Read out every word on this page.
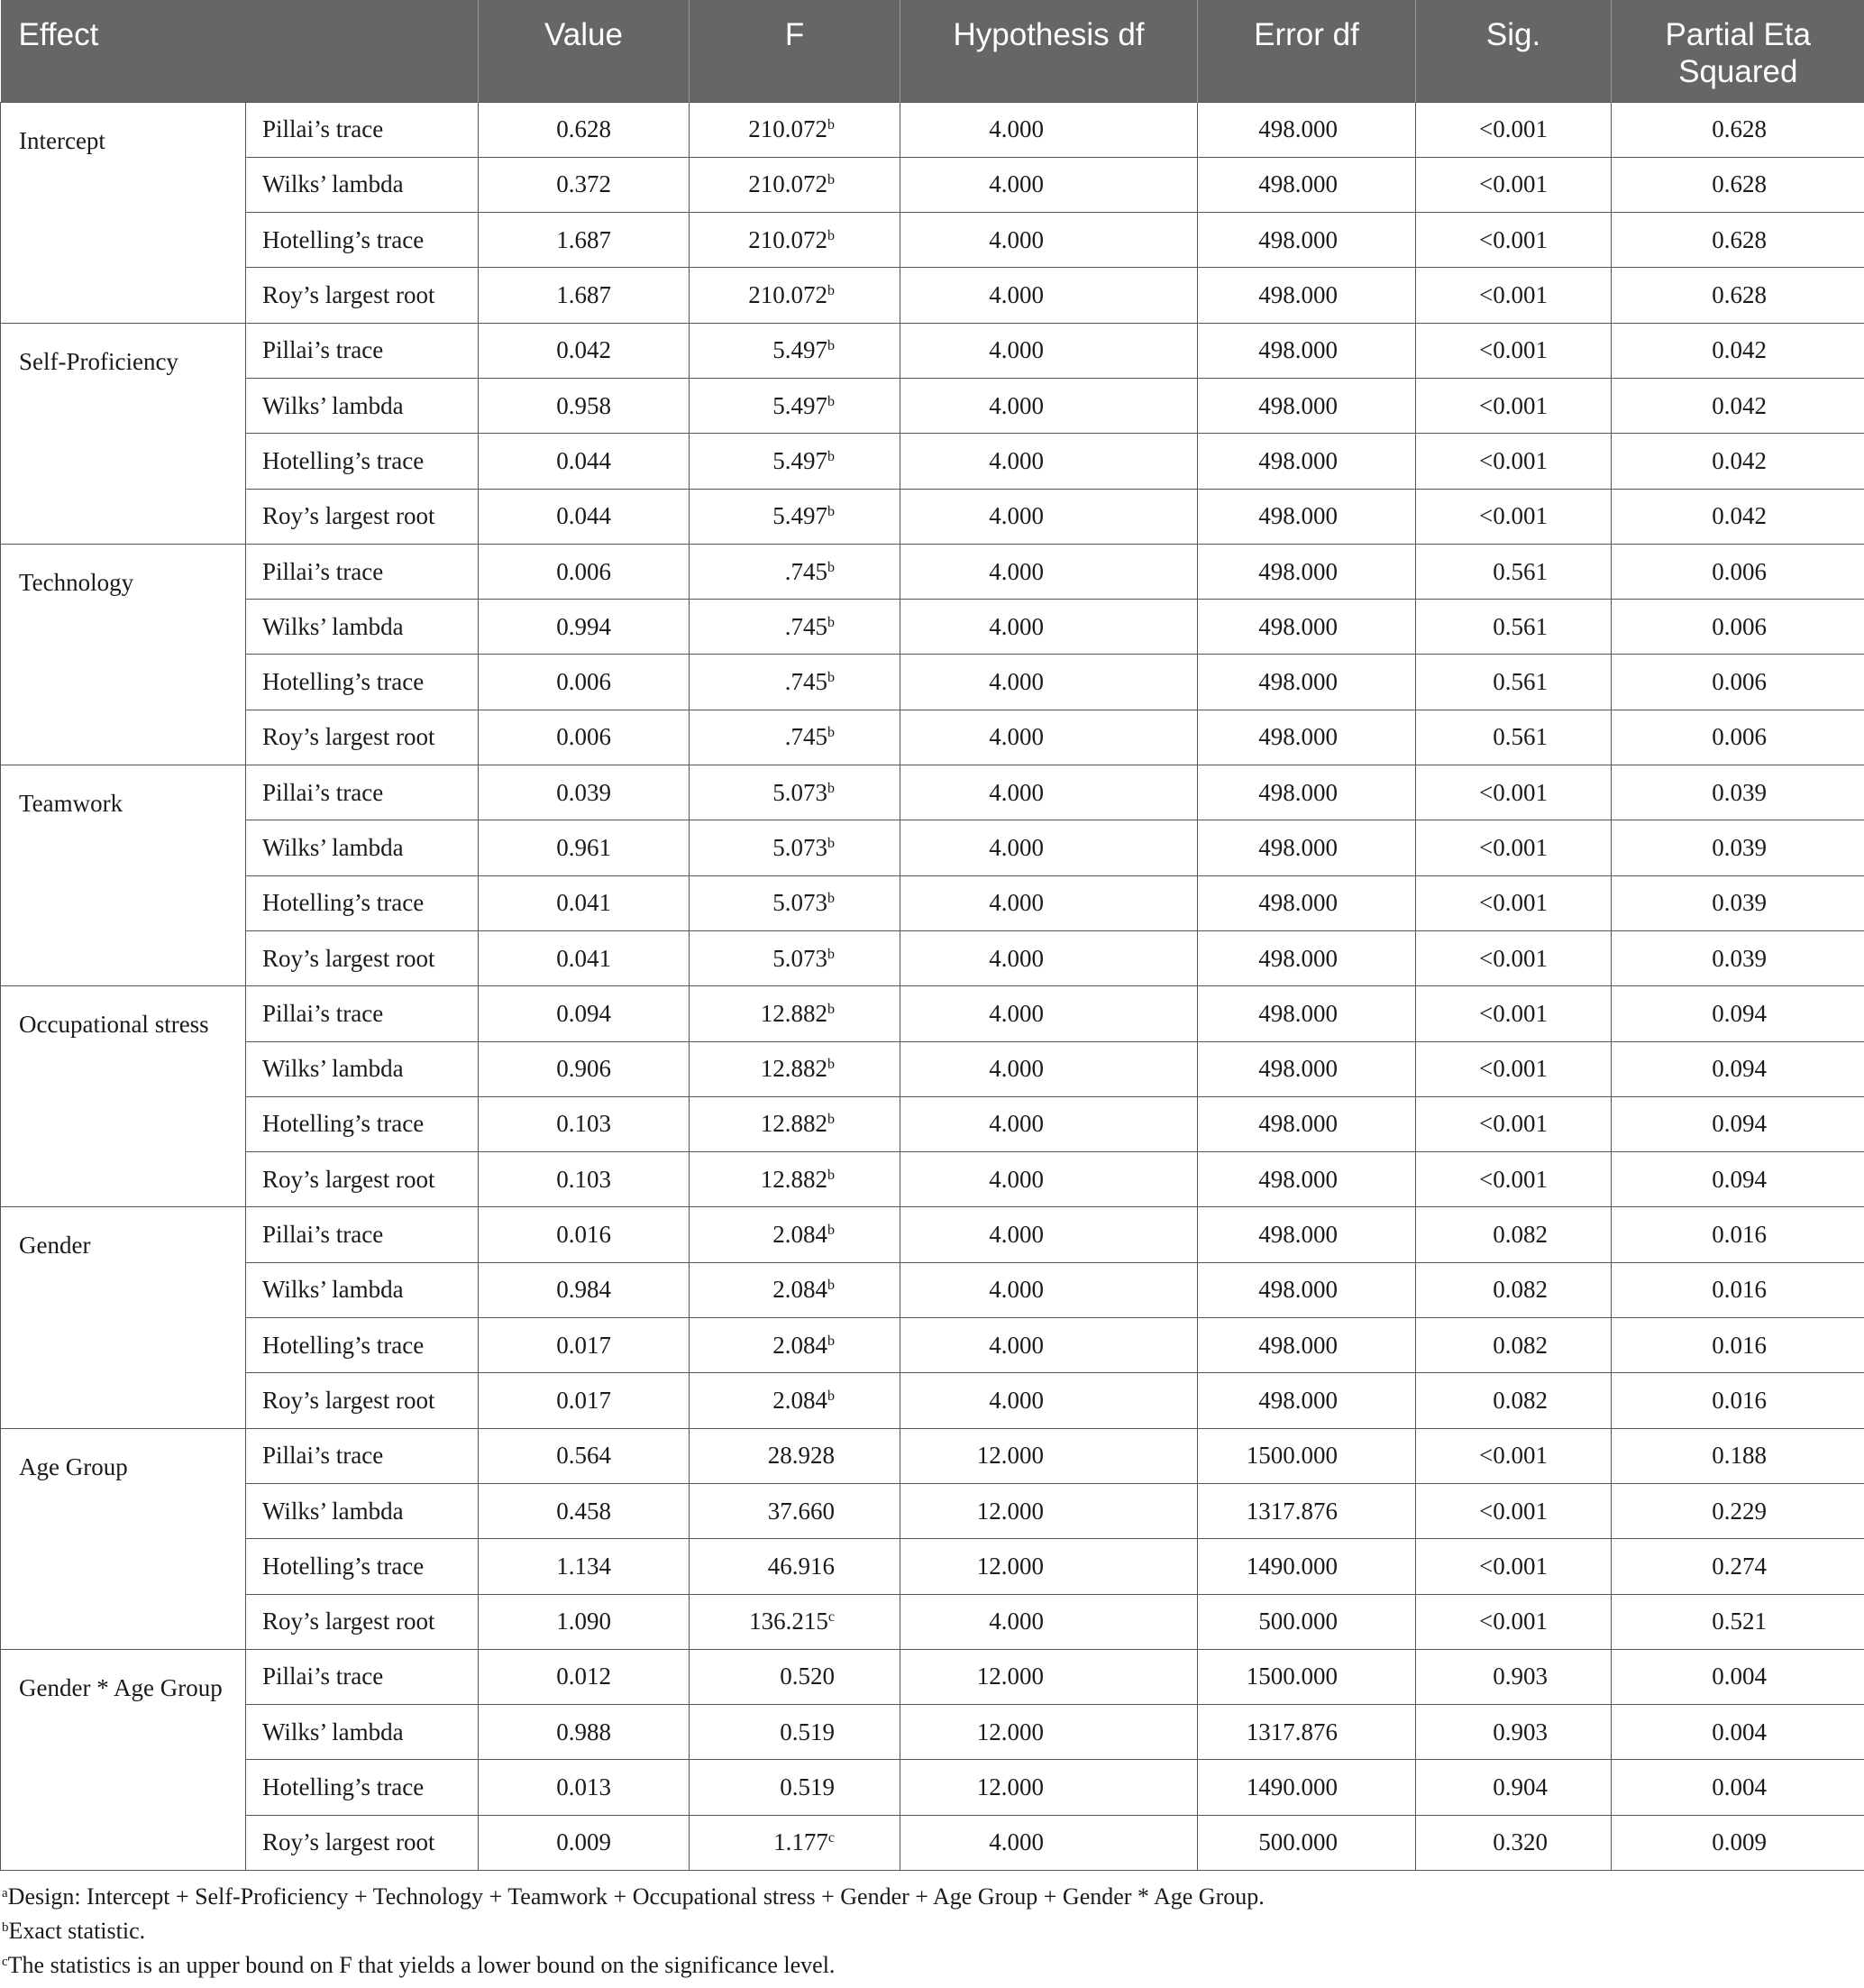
Effect		Value	F	Hypothesis df	Error df	Sig.	Partial Eta
Squared
Intercept	Pillai’s trace	0.628	210.072$^b$	4.000	498.000	<0.001	0.628
	Wilks’ lambda	0.372	210.072$^b$	4.000	498.000	<0.001	0.628
	Hotelling’s trace	1.687	210.072$^b$	4.000	498.000	<0.001	0.628
	Roy’s largest root	1.687	210.072$^b$	4.000	498.000	<0.001	0.628
Self-Proficiency	Pillai’s trace	0.042	5.497$^b$	4.000	498.000	<0.001	0.042
	Wilks’ lambda	0.958	5.497$^b$	4.000	498.000	<0.001	0.042
	Hotelling’s trace	0.044	5.497$^b$	4.000	498.000	<0.001	0.042
	Roy’s largest root	0.044	5.497$^b$	4.000	498.000	<0.001	0.042
Technology	Pillai’s trace	0.006	.745$^b$	4.000	498.000	0.561	0.006
	Wilks’ lambda	0.994	.745$^b$	4.000	498.000	0.561	0.006
	Hotelling’s trace	0.006	.745$^b$	4.000	498.000	0.561	0.006
	Roy’s largest root	0.006	.745$^b$	4.000	498.000	0.561	0.006
Teamwork	Pillai’s trace	0.039	5.073$^b$	4.000	498.000	<0.001	0.039
	Wilks’ lambda	0.961	5.073$^b$	4.000	498.000	<0.001	0.039
	Hotelling’s trace	0.041	5.073$^b$	4.000	498.000	<0.001	0.039
	Roy’s largest root	0.041	5.073$^b$	4.000	498.000	<0.001	0.039
Occupational stress	Pillai’s trace	0.094	12.882$^b$	4.000	498.000	<0.001	0.094
	Wilks’ lambda	0.906	12.882$^b$	4.000	498.000	<0.001	0.094
	Hotelling’s trace	0.103	12.882$^b$	4.000	498.000	<0.001	0.094
	Roy’s largest root	0.103	12.882$^b$	4.000	498.000	<0.001	0.094
Gender	Pillai’s trace	0.016	2.084$^b$	4.000	498.000	0.082	0.016
	Wilks’ lambda	0.984	2.084$^b$	4.000	498.000	0.082	0.016
	Hotelling’s trace	0.017	2.084$^b$	4.000	498.000	0.082	0.016
	Roy’s largest root	0.017	2.084$^b$	4.000	498.000	0.082	0.016
Age Group	Pillai’s trace	0.564	28.928	12.000	1500.000	<0.001	0.188
	Wilks’ lambda	0.458	37.660	12.000	1317.876	<0.001	0.229
	Hotelling’s trace	1.134	46.916	12.000	1490.000	<0.001	0.274
	Roy’s largest root	1.090	136.215$^c$	4.000	500.000	<0.001	0.521
Gender * Age Group	Pillai’s trace	0.012	0.520	12.000	1500.000	0.903	0.004
	Wilks’ lambda	0.988	0.519	12.000	1317.876	0.903	0.004
	Hotelling’s trace	0.013	0.519	12.000	1490.000	0.904	0.004
	Roy’s largest root	0.009	1.177$^c$	4.000	500.000	0.320	0.009

$^a$Design: Intercept + Self-Proficiency + Technology + Teamwork + Occupational stress + Gender + Age Group + Gender * Age Group.

$^b$Exact statistic.

$^c$The statistics is an upper bound on F that yields a lower bound on the significance level.
